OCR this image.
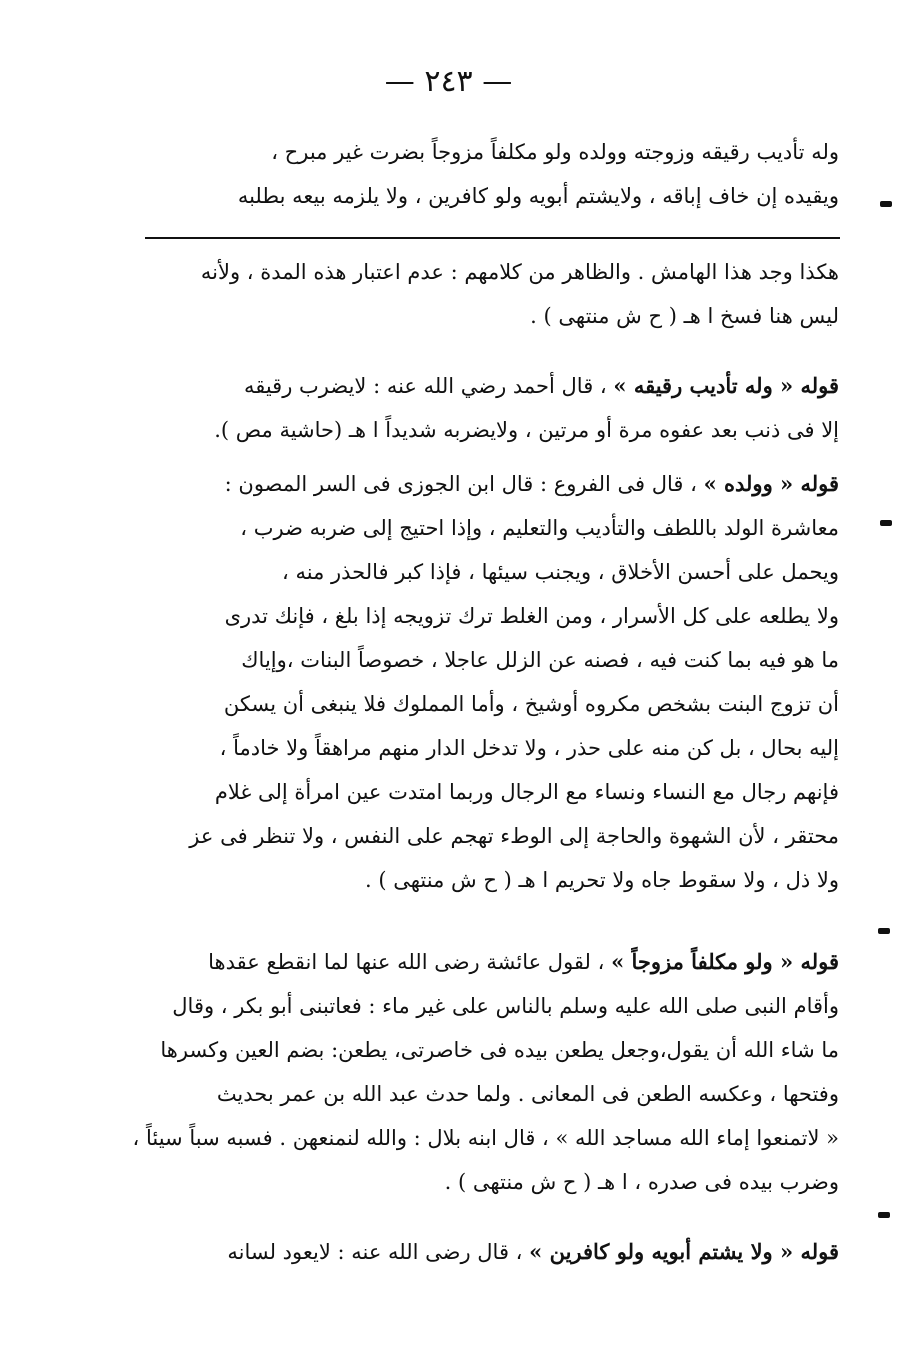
— ٢٤٣ —
وله تأديب رقيقه وزوجته وولده ولو مكلفاً مزوجاً بضرت غير مبرح ،
ويقيده إن خاف إباقه ، ولايشتم أبويه ولو كافرين ، ولا يلزمه بيعه بطلبه
هكذا وجد هذا الهامش . والظاهر من كلامهم : عدم اعتبار هذه المدة ، ولأنه
ليس هنا فسخ ا هـ ( ح ش منتهى ) .
قوله « وله تأديب رقيقه » ، قال أحمد رضي الله عنه : لايضرب رقيقه
إلا فى ذنب بعد عفوه مرة أو مرتين ، ولايضربه شديداً ا هـ (حاشية مص ).
قوله « وولده » ، قال فى الفروع : قال ابن الجوزى فى السر المصون :
معاشرة الولد باللطف والتأديب والتعليم ، وإذا احتيج إلى ضربه ضرب ،
ويحمل على أحسن الأخلاق ، ويجنب سيئها ، فإذا كبر فالحذر منه ،
ولا يطلعه على كل الأسرار ، ومن الغلط ترك تزويجه إذا بلغ ، فإنك تدرى
ما هو فيه بما كنت فيه ، فصنه عن الزلل عاجلا ، خصوصاً البنات ،وإياك
أن تزوج البنت بشخص مكروه أوشيخ ، وأما المملوك فلا ينبغى أن يسكن
إليه بحال ، بل كن منه على حذر ، ولا تدخل الدار منهم مراهقاً ولا خادماً ،
فإنهم رجال مع النساء ونساء مع الرجال وربما امتدت عين امرأة إلى غلام
محتقر ، لأن الشهوة والحاجة إلى الوطء تهجم على النفس ، ولا تنظر فى عز
ولا ذل ، ولا سقوط جاه ولا تحريم ا هـ ( ح ش منتهى ) .
قوله « ولو مكلفاً مزوجاً » ، لقول عائشة رضى الله عنها لما انقطع عقدها
وأقام النبى صلى الله عليه وسلم بالناس على غير ماء : فعاتبنى أبو بكر ، وقال
ما شاء الله أن يقول،وجعل يطعن بيده فى خاصرتى، يطعن: بضم العين وكسرها
وفتحها ، وعكسه الطعن فى المعانى . ولما حدث عبد الله بن عمر بحديث
« لاتمنعوا إماء الله مساجد الله » ، قال ابنه بلال : والله لنمنعهن . فسبه سباً سيئاً ،
وضرب بيده فى صدره ، ا هـ ( ح ش منتهى ) .
قوله « ولا يشتم أبويه ولو كافرين » ، قال رضى الله عنه : لايعود لسانه
